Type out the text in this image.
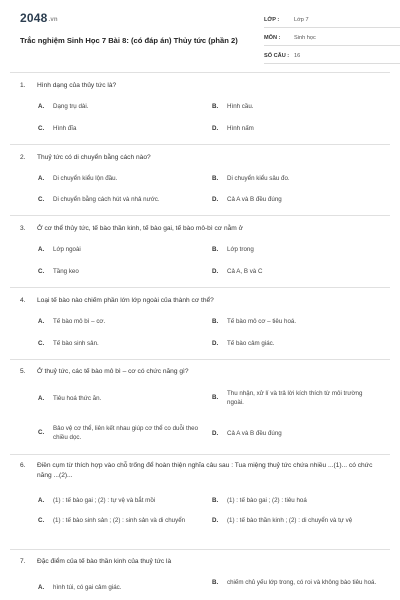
2048.vn
Trắc nghiệm Sinh Học 7 Bài 8: (có đáp án) Thủy tức (phần 2)
LỚP :	Lớp 7
MÔN :	Sinh học
SỐ CÂU : 16
1. Hình dạng của thủy tức là?
A.	Dạng trụ dài.	B.	Hình cầu.
C.	Hình đĩa	D.	Hình nấm
2. Thuỷ tức có di chuyển bằng cách nào?
A.	Di chuyển kiểu lộn đầu.	B.	Di chuyển kiểu sâu đo.
C.	Di chuyển bằng cách hút và nhả nước.	D.	Cả A và B đều đúng
3. Ở cơ thể thủy tức, tế bào thần kinh, tế bào gai, tế bào mô-bì cơ nằm ở
A.	Lớp ngoài	B.	Lớp trong
C.	Tầng keo	D.	Cả A, B và C
4. Loại tế bào nào chiếm phần lớn lớp ngoài của thành cơ thể?
A.	Tế bào mô bì – cơ.	B.	Tế bào mô cơ – tiêu hoá.
C.	Tế bào sinh sản.	D.	Tế bào cảm giác.
5. Ở thuỷ tức, các tế bào mô bì – cơ có chức năng gì?
A.	Tiêu hoá thức ăn.	B.
Thu nhận, xử lí và trả lời kích thích từ môi trường ngoài.
C.
Bảo vệ cơ thể, liên kết nhau giúp cơ thể co duỗi theo chiều dọc.	D.	Cả A và B đều đúng
6.	Điền cụm từ thích hợp vào chỗ trống để hoàn thiện nghĩa câu sau : Tua miệng thuỷ tức chứa nhiều ...(1)... có chức năng ...(2)...
A.	(1) : tế bào gai ; (2) : tự vệ và bắt mồi	B.	(1) : tế bào gai ; (2) : tiêu hoá
C.	(1) : tế bào sinh sản ; (2) : sinh sản và di chuyển	D.	(1) : tế bào thần kinh ; (2) : di chuyển và tự vệ
7. Đặc điểm của tế bào thần kinh của thuỷ tức là
A.	hình túi, có gai cảm giác.
B.	chiếm chủ yếu lớp trong, có roi và không bào tiêu hoá.
